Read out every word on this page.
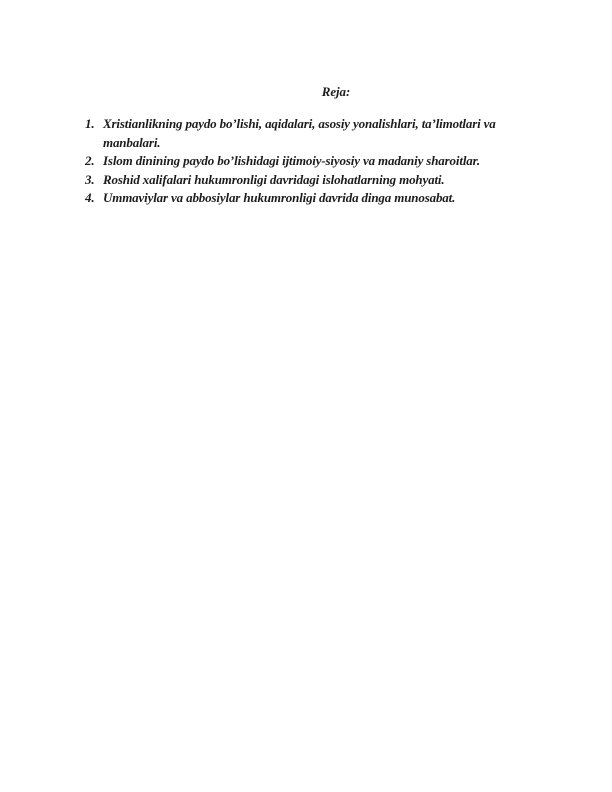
Reja:

1. Xristianlikning paydo bo’lishi, aqidalari, asosiy yonalishlari, ta’limotlari va
manbalari.
2. Islom dinining paydo bo’lishidagi ijtimoiy-siyosiy va madaniy sharoitlar.
3. Roshid xalifalari hukumronligi davridagi islohatlarning mohyati.
4. Ummaviylar va abbosiylar hukumronligi davrida dinga munosabat.
